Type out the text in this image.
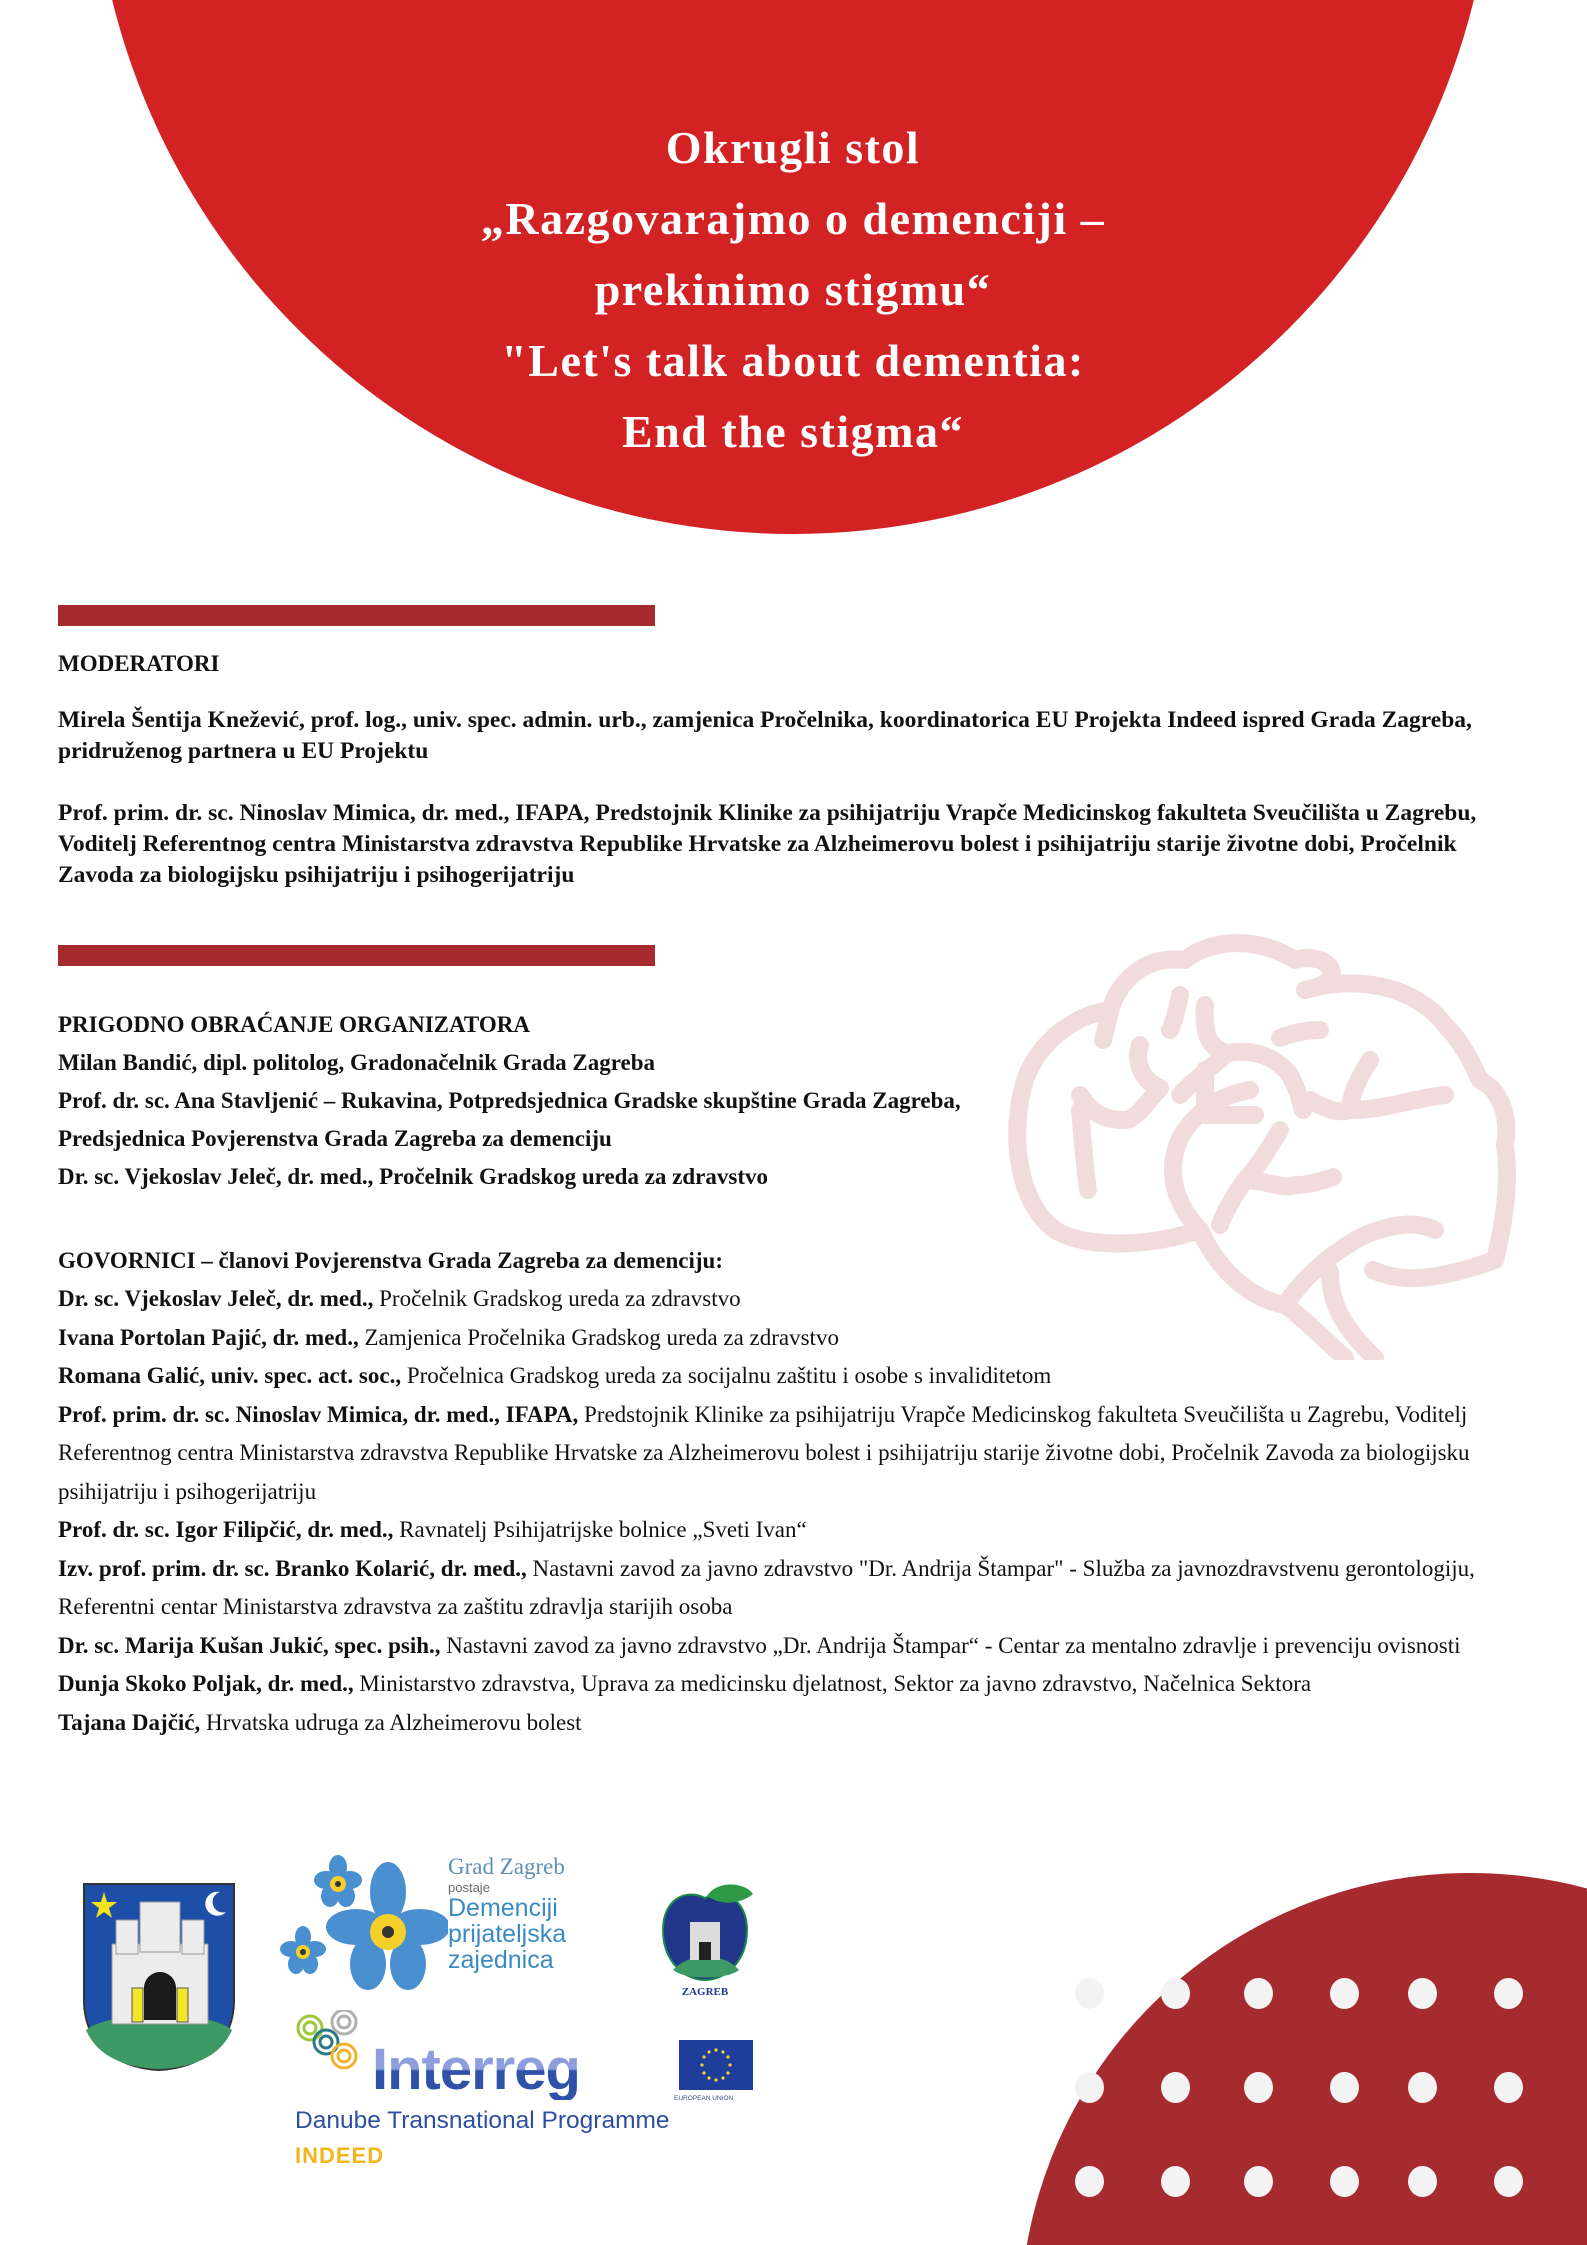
Okrugli stol
„Razgovarajmo o demenciji –
prekinimo stigmu“
"Let's talk about dementia:
End the stigma“

MODERATORI

Mirela Šentija Knežević, prof. log., univ. spec. admin. urb., zamjenica Pročelnika, koordinatorica EU Projekta Indeed ispred Grada Zagreba, pridruženog partnera u EU Projektu

Prof. prim. dr. sc. Ninoslav Mimica, dr. med., IFAPA, Predstojnik Klinike za psihijatriju Vrapče Medicinskog fakulteta Sveučilišta u Zagrebu, Voditelj Referentnog centra Ministarstva zdravstva Republike Hrvatske za Alzheimerovu bolest i psihijatriju starije životne dobi, Pročelnik Zavoda za biologijsku psihijatriju i psihogerijatriju

PRIGODNO OBRAĆANJE ORGANIZATORA

Milan Bandić, dipl. politolog, Gradonačelnik Grada Zagreba

Prof. dr. sc. Ana Stavljenić – Rukavina, Potpredsjednica Gradske skupštine Grada Zagreba,

Predsjednica Povjerenstva Grada Zagreba za demenciju

Dr. sc. Vjekoslav Jeleč, dr. med., Pročelnik Gradskog ureda za zdravstvo

GOVORNICI – članovi Povjerenstva Grada Zagreba za demenciju:

Dr. sc. Vjekoslav Jeleč, dr. med., Pročelnik Gradskog ureda za zdravstvo

Ivana Portolan Pajić, dr. med., Zamjenica Pročelnika Gradskog ureda za zdravstvo

Romana Galić, univ. spec. act. soc., Pročelnica Gradskog ureda za socijalnu zaštitu i osobe s invaliditetom

Prof. prim. dr. sc. Ninoslav Mimica, dr. med., IFAPA, Predstojnik Klinike za psihijatriju Vrapče Medicinskog fakulteta Sveučilišta u Zagrebu, Voditelj Referentnog centra Ministarstva zdravstva Republike Hrvatske za Alzheimerovu bolest i psihijatriju starije životne dobi, Pročelnik Zavoda za biologijsku psihijatriju i psihogerijatriju

Prof. dr. sc. Igor Filipčić, dr. med., Ravnatelj Psihijatrijske bolnice „Sveti Ivan“

Izv. prof. prim. dr. sc. Branko Kolarić, dr. med., Nastavni zavod za javno zdravstvo "Dr. Andrija Štampar" - Služba za javnozdravstvenu gerontologiju, Referentni centar Ministarstva zdravstva za zaštitu zdravlja starijih osoba

Dr. sc. Marija Kušan Jukić, spec. psih., Nastavni zavod za javno zdravstvo „Dr. Andrija Štampar“ - Centar za mentalno zdravlje i prevenciju ovisnosti

Dunja Skoko Poljak, dr. med., Ministarstvo zdravstva, Uprava za medicinsku djelatnost, Sektor za javno zdravstvo, Načelnica Sektora

Tajana Dajčić, Hrvatska udruga za Alzheimerovu bolest

Grad Zagreb
postaje
Demenciji
prijateljska
zajednica
ZAGREB
Interreg	EUROPEAN UNION
Danube Transnational Programme
INDEED
